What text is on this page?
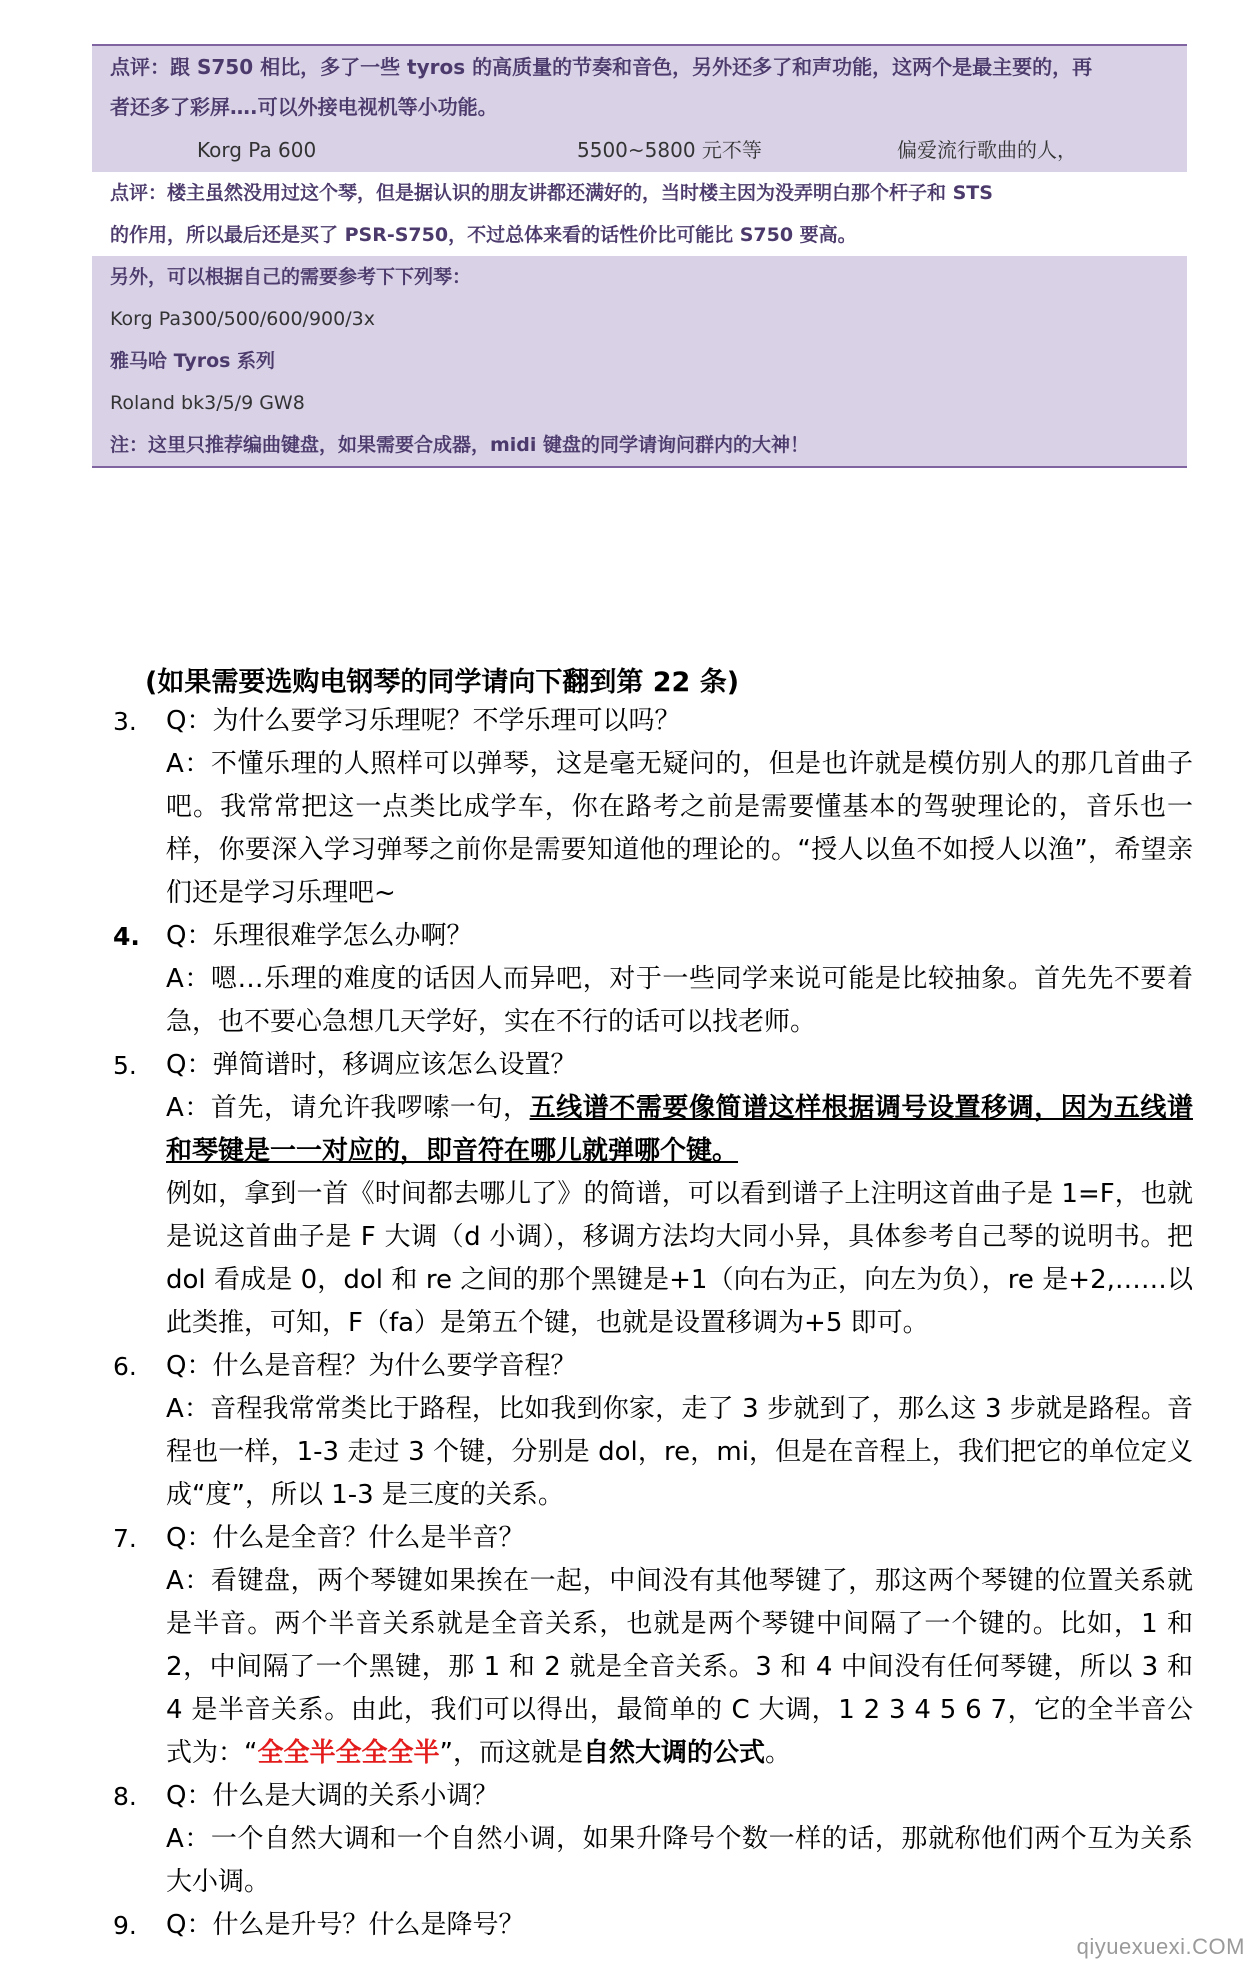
点评：跟 S750 相比，多了一些 tyros 的高质量的节奏和音色，另外还多了和声功能，这两个是最主要的，再
者还多了彩屏….可以外接电视机等小功能。
Korg Pa 600	5500~5800 元不等	偏爱流行歌曲的人，
点评：楼主虽然没用过这个琴，但是据认识的朋友讲都还满好的，当时楼主因为没弄明白那个杆子和 STS
的作用，所以最后还是买了 PSR-S750，不过总体来看的话性价比可能比 S750 要高。
另外，可以根据自己的需要参考下下列琴：
Korg Pa300/500/600/900/3x
雅马哈 Tyros 系列
Roland bk3/5/9 GW8
注：这里只推荐编曲键盘，如果需要合成器，midi 键盘的同学请询问群内的大神！
(如果需要选购电钢琴的同学请向下翻到第 22 条)
3.	Q：为什么要学习乐理呢？不学乐理可以吗？
A：不懂乐理的人照样可以弹琴，这是毫无疑问的，但是也许就是模仿别人的那几首曲子吧。我常常把这一点类比成学车，你在路考之前是需要懂基本的驾驶理论的，音乐也一样，你要深入学习弹琴之前你是需要知道他的理论的。“授人以鱼不如授人以渔”，希望亲们还是学习乐理吧~
4.	Q：乐理很难学怎么办啊？
A：嗯…乐理的难度的话因人而异吧，对于一些同学来说可能是比较抽象。首先先不要着急，也不要心急想几天学好，实在不行的话可以找老师。
5.	Q：弹简谱时，移调应该怎么设置？
A：首先，请允许我啰嗦一句，五线谱不需要像简谱这样根据调号设置移调，因为五线谱和琴键是一一对应的，即音符在哪儿就弹哪个键。
例如，拿到一首《时间都去哪儿了》的简谱，可以看到谱子上注明这首曲子是 1=F，也就是说这首曲子是 F 大调（d 小调），移调方法均大同小异，具体参考自己琴的说明书。把 dol 看成是 0，dol 和 re 之间的那个黑键是+1（向右为正，向左为负），re 是+2,……以此类推，可知，F（fa）是第五个键，也就是设置移调为+5 即可。
6.	Q：什么是音程？为什么要学音程？
A：音程我常常类比于路程，比如我到你家，走了 3 步就到了，那么这 3 步就是路程。音程也一样，1-3 走过 3 个键，分别是 dol，re，mi，但是在音程上，我们把它的单位定义成“度”，所以 1-3 是三度的关系。
7.	Q：什么是全音？什么是半音？
A：看键盘，两个琴键如果挨在一起，中间没有其他琴键了，那这两个琴键的位置关系就是半音。两个半音关系就是全音关系，也就是两个琴键中间隔了一个键的。比如，1 和 2，中间隔了一个黑键，那 1 和 2 就是全音关系。3 和 4 中间没有任何琴键，所以 3 和 4 是半音关系。由此，我们可以得出，最简单的 C 大调，1 2 3 4 5 6 7，它的全半音公式为：“全全半全全全半”，而这就是自然大调的公式。
8.	Q：什么是大调的关系小调？
A：一个自然大调和一个自然小调，如果升降号个数一样的话，那就称他们两个互为关系大小调。
9.	Q：什么是升号？什么是降号？
qiyuexuexi.COM
